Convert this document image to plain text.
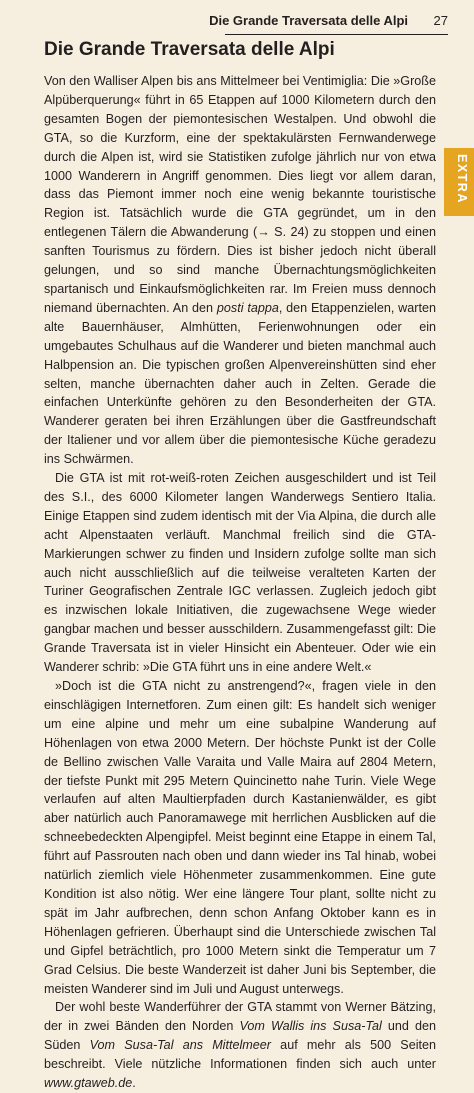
Die Grande Traversata delle Alpi 27
EXTRA
Die Grande Traversata delle Alpi

Von den Walliser Alpen bis ans Mittelmeer bei Ventimiglia: Die »Große Alpüberquerung« führt in 65 Etappen auf 1000 Kilometern durch den gesamten Bogen der piemontesischen Westalpen. Und obwohl die GTA, so die Kurzform, eine der spektakulärsten Fernwanderwege durch die Alpen ist, wird sie Statistiken zufolge jährlich nur von etwa 1000 Wanderern in Angriff genommen. Dies liegt vor allem daran, dass das Piemont immer noch eine wenig bekannte touristische Region ist. Tatsächlich wurde die GTA gegründet, um in den entlegenen Tälern die Abwanderung (→ S. 24) zu stoppen und einen sanften Tourismus zu fördern. Dies ist bisher jedoch nicht überall gelungen, und so sind manche Übernachtungsmöglichkeiten spartanisch und Einkaufsmöglichkeiten rar. Im Freien muss dennoch niemand übernachten. An den posti tappa, den Etappenzielen, warten alte Bauernhäuser, Almhütten, Ferienwohnungen oder ein umgebautes Schulhaus auf die Wanderer und bieten manchmal auch Halbpension an. Die typischen großen Alpenvereinshütten sind eher selten, manche übernachten daher auch in Zelten. Gerade die einfachen Unterkünfte gehören zu den Besonderheiten der GTA. Wanderer geraten bei ihren Erzählungen über die Gastfreundschaft der Italiener und vor allem über die piemontesische Küche geradezu ins Schwärmen.

Die GTA ist mit rot-weiß-roten Zeichen ausgeschildert und ist Teil des S.I., des 6000 Kilometer langen Wanderwegs Sentiero Italia. Einige Etappen sind zudem identisch mit der Via Alpina, die durch alle acht Alpenstaaten verläuft. Manchmal freilich sind die GTA-Markierungen schwer zu finden und Insidern zufolge sollte man sich auch nicht ausschließlich auf die teilweise veralteten Karten der Turiner Geografischen Zentrale IGC verlassen. Zugleich jedoch gibt es inzwischen lokale Initiativen, die zugewachsene Wege wieder gangbar machen und besser ausschildern. Zusammengefasst gilt: Die Grande Traversata ist in vieler Hinsicht ein Abenteuer. Oder wie ein Wanderer schrib: »Die GTA führt uns in eine andere Welt.«

»Doch ist die GTA nicht zu anstrengend?«, fragen viele in den einschlägigen Internetforen. Zum einen gilt: Es handelt sich weniger um eine alpine und mehr um eine subalpine Wanderung auf Höhenlagen von etwa 2000 Metern. Der höchste Punkt ist der Colle de Bellino zwischen Valle Varaita und Valle Maira auf 2804 Metern, der tiefste Punkt mit 295 Metern Quincinetto nahe Turin. Viele Wege verlaufen auf alten Maultierpfaden durch Kastanienwälder, es gibt aber natürlich auch Panoramawege mit herrlichen Ausblicken auf die schneebedeckten Alpengipfel. Meist beginnt eine Etappe in einem Tal, führt auf Passrouten nach oben und dann wieder ins Tal hinab, wobei natürlich ziemlich viele Höhenmeter zusammenkommen. Eine gute Kondition ist also nötig. Wer eine längere Tour plant, sollte nicht zu spät im Jahr aufbrechen, denn schon Anfang Oktober kann es in Höhenlagen gefrieren. Überhaupt sind die Unterschiede zwischen Tal und Gipfel beträchtlich, pro 1000 Metern sinkt die Temperatur um 7 Grad Celsius. Die beste Wanderzeit ist daher Juni bis September, die meisten Wanderer sind im Juli und August unterwegs.

Der wohl beste Wanderführer der GTA stammt von Werner Bätzing, der in zwei Bänden den Norden Vom Wallis ins Susa-Tal und den Süden Vom Susa-Tal ans Mittelmeer auf mehr als 500 Seiten beschreibt. Viele nützliche Informationen finden sich auch unter www.gtaweb.de.
